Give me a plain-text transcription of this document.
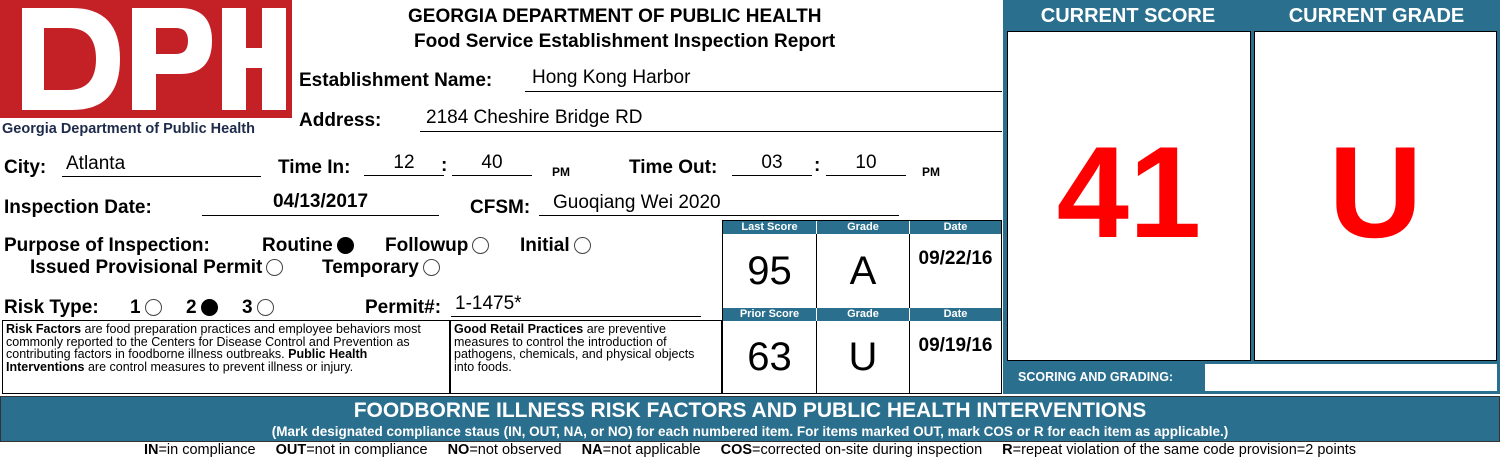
Georgia Department of Public Health
GEORGIA DEPARTMENT OF PUBLIC HEALTH
Food Service Establishment Inspection Report
Establishment Name: Hong Kong Harbor
Address: 2184 Cheshire Bridge RD
City: Atlanta	Time In:	12	:	40	PM	Time Out:	03	:	10	PM
Inspection Date:	04/13/2017	CFSM: Guoqiang Wei 2020
Purpose of Inspection:	Routine	Followup	Initial
Issued Provisional Permit	Temporary
Risk Type: 1	2	3	Permit#: 1-1475*
Risk Factors are food preparation practices and employee behaviors most commonly reported to the Centers for Disease Control and Prevention as contributing factors in foodborne illness outbreaks. Public Health Interventions are control measures to prevent illness or injury.
Good Retail Practices are preventive measures to control the introduction of pathogens, chemicals, and physical objects into foods.
Last Score	Grade	Date
95	A	09/22/16
Prior Score	Grade	Date
63	U	09/19/16
CURRENT SCORE	CURRENT GRADE
41 U
SCORING AND GRADING:	A=90-100 B=80-89 C=70-79 U≤69
FOODBORNE ILLNESS RISK FACTORS AND PUBLIC HEALTH INTERVENTIONS
(Mark designated compliance staus (IN, OUT, NA, or NO) for each numbered item. For items marked OUT, mark COS or R for each item as applicable.)
IN=in compliance OUT=not in compliance NO=not observed NA=not applicable COS=corrected on-site during inspection R=repeat violation of the same code provision=2 points
